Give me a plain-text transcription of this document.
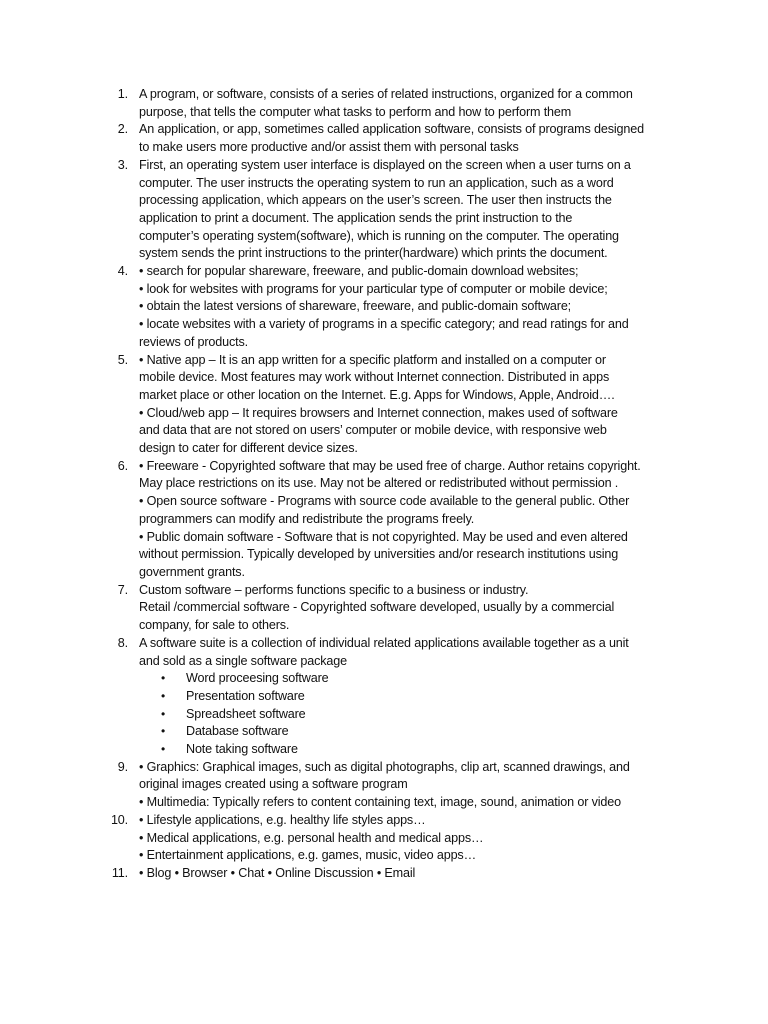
1. A program, or software, consists of a series of related instructions, organized for a common
purpose, that tells the computer what tasks to perform and how to perform them
2. An application, or app, sometimes called application software, consists of programs designed
to make users more productive and/or assist them with personal tasks
3. First, an operating system user interface is displayed on the screen when a user turns on a
computer. The user instructs the operating system to run an application, such as a word
processing application, which appears on the user’s screen. The user then instructs the
application to print a document. The application sends the print instruction to the
computer’s operating system(software), which is running on the computer. The operating
system sends the print instructions to the printer(hardware) which prints the document.
4. • search for popular shareware, freeware, and public-domain download websites;
• look for websites with programs for your particular type of computer or mobile device;
• obtain the latest versions of shareware, freeware, and public-domain software;
• locate websites with a variety of programs in a specific category; and read ratings for and
reviews of products.
5. • Native app – It is an app written for a specific platform and installed on a computer or
mobile device. Most features may work without Internet connection. Distributed in apps
market place or other location on the Internet. E.g. Apps for Windows, Apple, Android….
• Cloud/web app – It requires browsers and Internet connection, makes used of software
and data that are not stored on users’ computer or mobile device, with responsive web
design to cater for different device sizes.
6. • Freeware - Copyrighted software that may be used free of charge. Author retains copyright.
May place restrictions on its use. May not be altered or redistributed without permission .
• Open source software - Programs with source code available to the general public. Other
programmers can modify and redistribute the programs freely.
• Public domain software - Software that is not copyrighted. May be used and even altered
without permission. Typically developed by universities and/or research institutions using
government grants.
7. Custom software – performs functions specific to a business or industry.
Retail /commercial software - Copyrighted software developed, usually by a commercial
company, for sale to others.
8. A software suite is a collection of individual related applications available together as a unit
and sold as a single software package
• Word proceesing software
• Presentation software
• Spreadsheet software
• Database software
• Note taking software
9. • Graphics: Graphical images, such as digital photographs, clip art, scanned drawings, and
original images created using a software program
• Multimedia: Typically refers to content containing text, image, sound, animation or video
10. • Lifestyle applications, e.g. healthy life styles apps…
• Medical applications, e.g. personal health and medical apps…
• Entertainment applications, e.g. games, music, video apps…
11. • Blog • Browser • Chat • Online Discussion • Email
